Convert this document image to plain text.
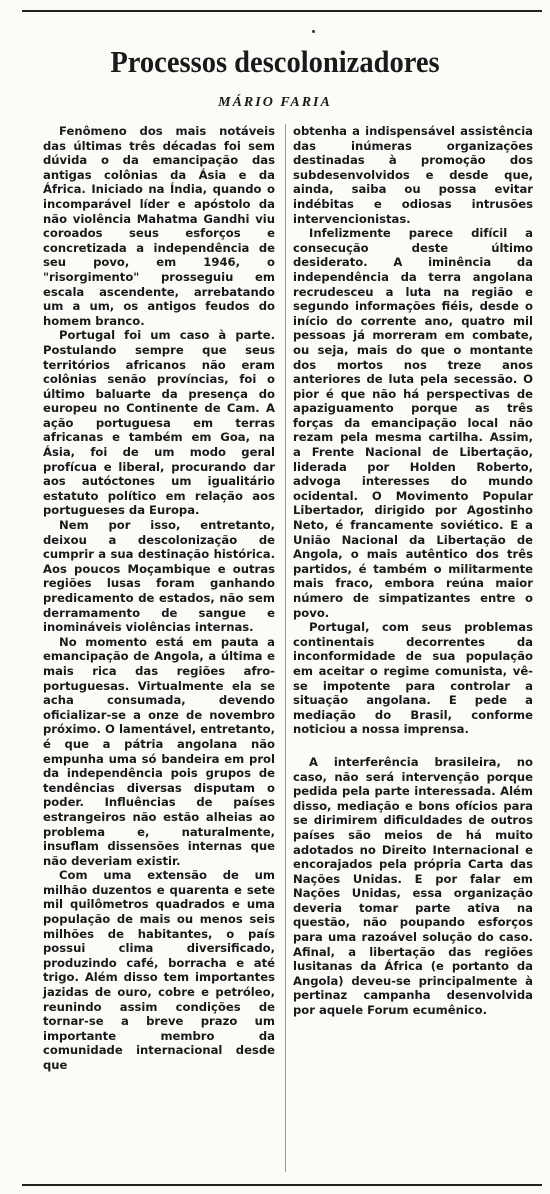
Processos descolonizadores
MÁRIO FARIA

Fenômeno dos mais notáveis das últimas três décadas foi sem dúvida o da emancipação das antigas colônias da Ásia e da África. Iniciado na Índia, quando o incomparável líder e apóstolo da não violência Mahatma Gandhi viu coroados seus esforços e concretizada a independência de seu povo, em 1946, o "risorgimento" prosseguiu em escala ascendente, arrebatando um a um, os antigos feudos do homem branco.

Portugal foi um caso à parte. Postulando sempre que seus territórios africanos não eram colônias senão províncias, foi o último baluarte da presença do europeu no Continente de Cam. A ação portuguesa em terras africanas e também em Goa, na Ásia, foi de um modo geral profícua e liberal, procurando dar aos autóctones um igualitário estatuto político em relação aos portugueses da Europa.

Nem por isso, entretanto, deixou a descolonização de cumprir a sua destinação histórica. Aos poucos Moçambique e outras regiões lusas foram ganhando predicamento de estados, não sem derramamento de sangue e inomináveis violências internas.

No momento está em pauta a emancipação de Angola, a última e mais rica das regiões afro-portuguesas. Virtualmente ela se acha consumada, devendo oficializar-se a onze de novembro próximo. O lamentável, entretanto, é que a pátria angolana não empunha uma só bandeira em prol da independência pois grupos de tendências diversas disputam o poder. Influências de países estrangeiros não estão alheias ao problema e, naturalmente, insuflam dissensões internas que não deveriam existir.

Com uma extensão de um milhão duzentos e quarenta e sete mil quilômetros quadrados e uma população de mais ou menos seis milhões de habitantes, o país possui clima diversificado, produzindo café, borracha e até trigo. Além disso tem importantes jazidas de ouro, cobre e petróleo, reunindo assim condições de tornar-se a breve prazo um importante membro da comunidade internacional desde que

obtenha a indispensável assistência das inúmeras organizações destinadas à promoção dos subdesenvolvidos e desde que, ainda, saiba ou possa evitar indébitas e odiosas intrusões intervencionistas.

Infelizmente parece difícil a consecução deste último desiderato. A iminência da independência da terra angolana recrudesceu a luta na região e segundo informações fiéis, desde o início do corrente ano, quatro mil pessoas já morreram em combate, ou seja, mais do que o montante dos mortos nos treze anos anteriores de luta pela secessão. O pior é que não há perspectivas de apaziguamento porque as três forças da emancipação local não rezam pela mesma cartilha. Assim, a Frente Nacional de Libertação, liderada por Holden Roberto, advoga interesses do mundo ocidental. O Movimento Popular Libertador, dirigido por Agostinho Neto, é francamente soviético. E a União Nacional da Libertação de Angola, o mais autêntico dos três partidos, é também o militarmente mais fraco, embora reúna maior número de simpatizantes entre o povo.

Portugal, com seus problemas continentais decorrentes da inconformidade de sua população em aceitar o regime comunista, vê-se impotente para controlar a situação angolana. E pede a mediação do Brasil, conforme noticiou a nossa imprensa.

A interferência brasileira, no caso, não será intervenção porque pedida pela parte interessada. Além disso, mediação e bons ofícios para se dirimirem dificuldades de outros países são meios de há muito adotados no Direito Internacional e encorajados pela própria Carta das Nações Unidas. E por falar em Nações Unidas, essa organização deveria tomar parte ativa na questão, não poupando esforços para uma razoável solução do caso. Afinal, a libertação das regiões lusitanas da África (e portanto da Angola) deveu-se principalmente à pertinaz campanha desenvolvida por aquele Forum ecumênico.
